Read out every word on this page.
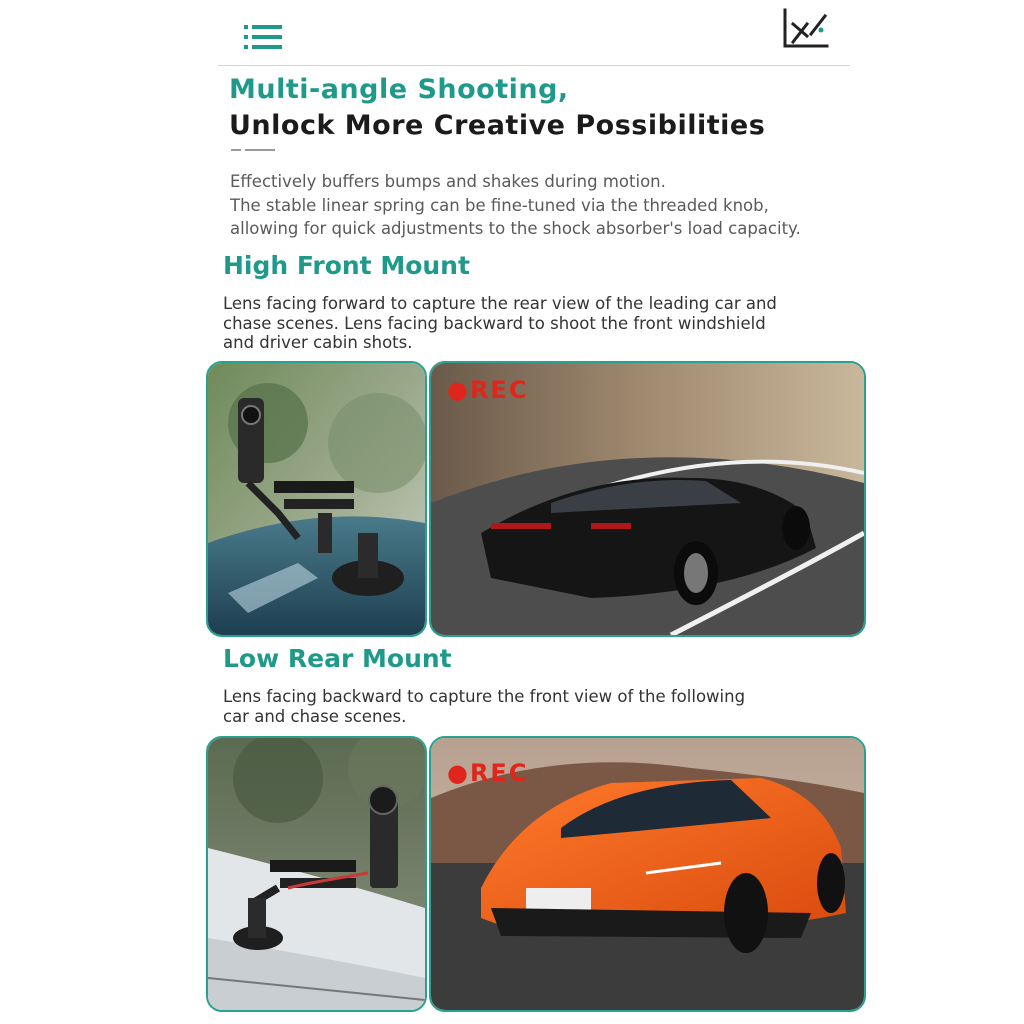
Multi-angle Shooting,
Unlock More Creative Possibilities
Effectively buffers bumps and shakes during motion.
The stable linear spring can be fine-tuned via the threaded knob,
allowing for quick adjustments to the shock absorber's load capacity.
High Front Mount
Lens facing forward to capture the rear view of the leading car and
chase scenes. Lens facing backward to shoot the front windshield
and driver cabin shots.
●REC
Low Rear Mount
Lens facing backward to capture the front view of the following
car and chase scenes.
●REC
